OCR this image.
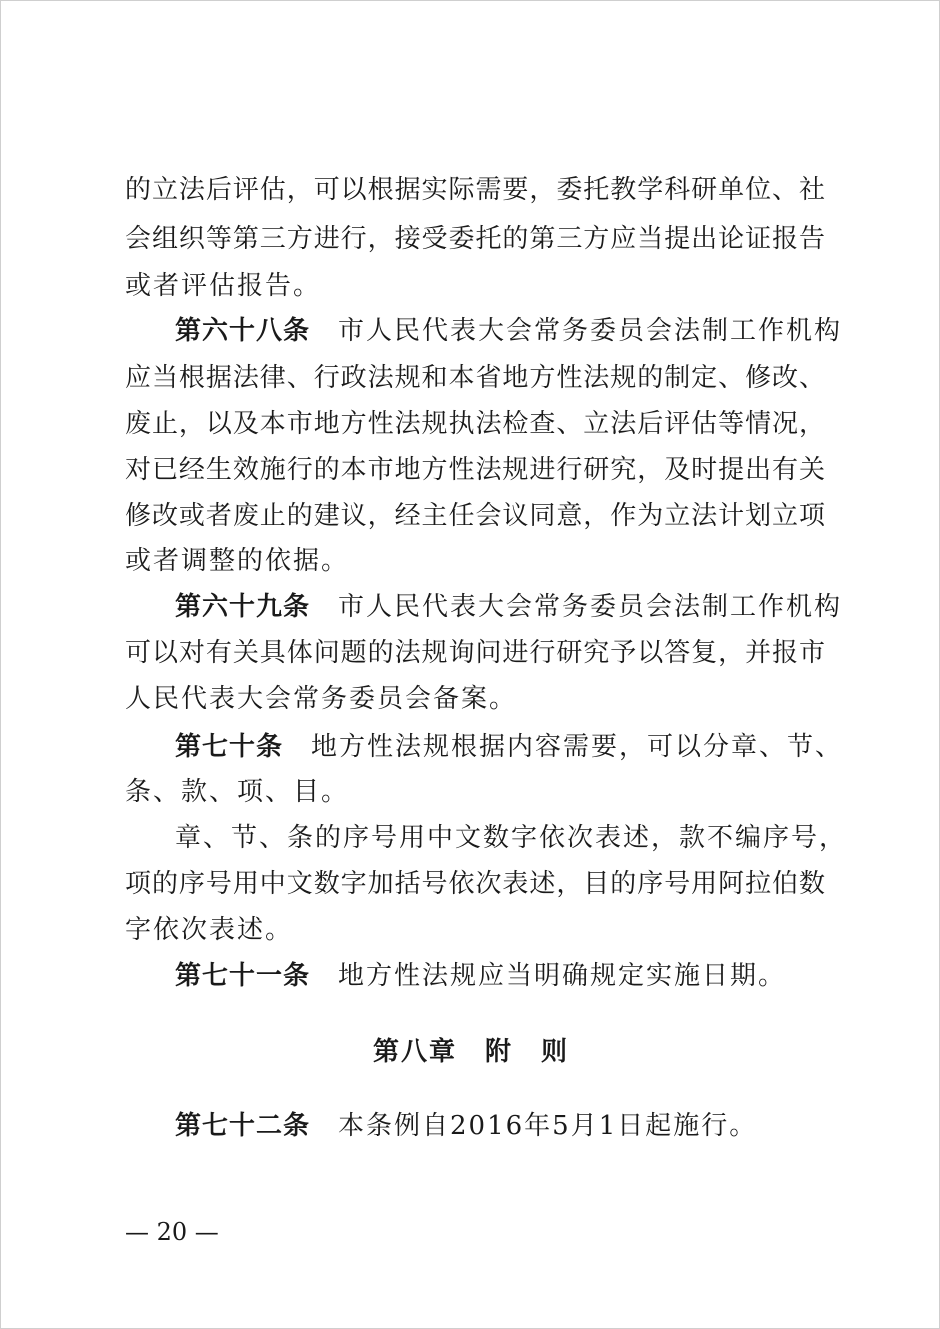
的立法后评估，可以根据实际需要，委托教学科研单位、社
会组织等第三方进行，接受委托的第三方应当提出论证报告
或者评估报告。
第六十八条 市人民代表大会常务委员会法制工作机构
应当根据法律、行政法规和本省地方性法规的制定、修改、
废止，以及本市地方性法规执法检查、立法后评估等情况，
对已经生效施行的本市地方性法规进行研究，及时提出有关
修改或者废止的建议，经主任会议同意，作为立法计划立项
或者调整的依据。
第六十九条 市人民代表大会常务委员会法制工作机构
可以对有关具体问题的法规询问进行研究予以答复，并报市
人民代表大会常务委员会备案。
第七十条 地方性法规根据内容需要，可以分章、节、
条、款、项、目。
章、节、条的序号用中文数字依次表述，款不编序号，
项的序号用中文数字加括号依次表述，目的序号用阿拉伯数
字依次表述。
第七十一条 地方性法规应当明确规定实施日期。
第八章　附　则
第七十二条 本条例自2016年5月1日起施行。
— 20 —
